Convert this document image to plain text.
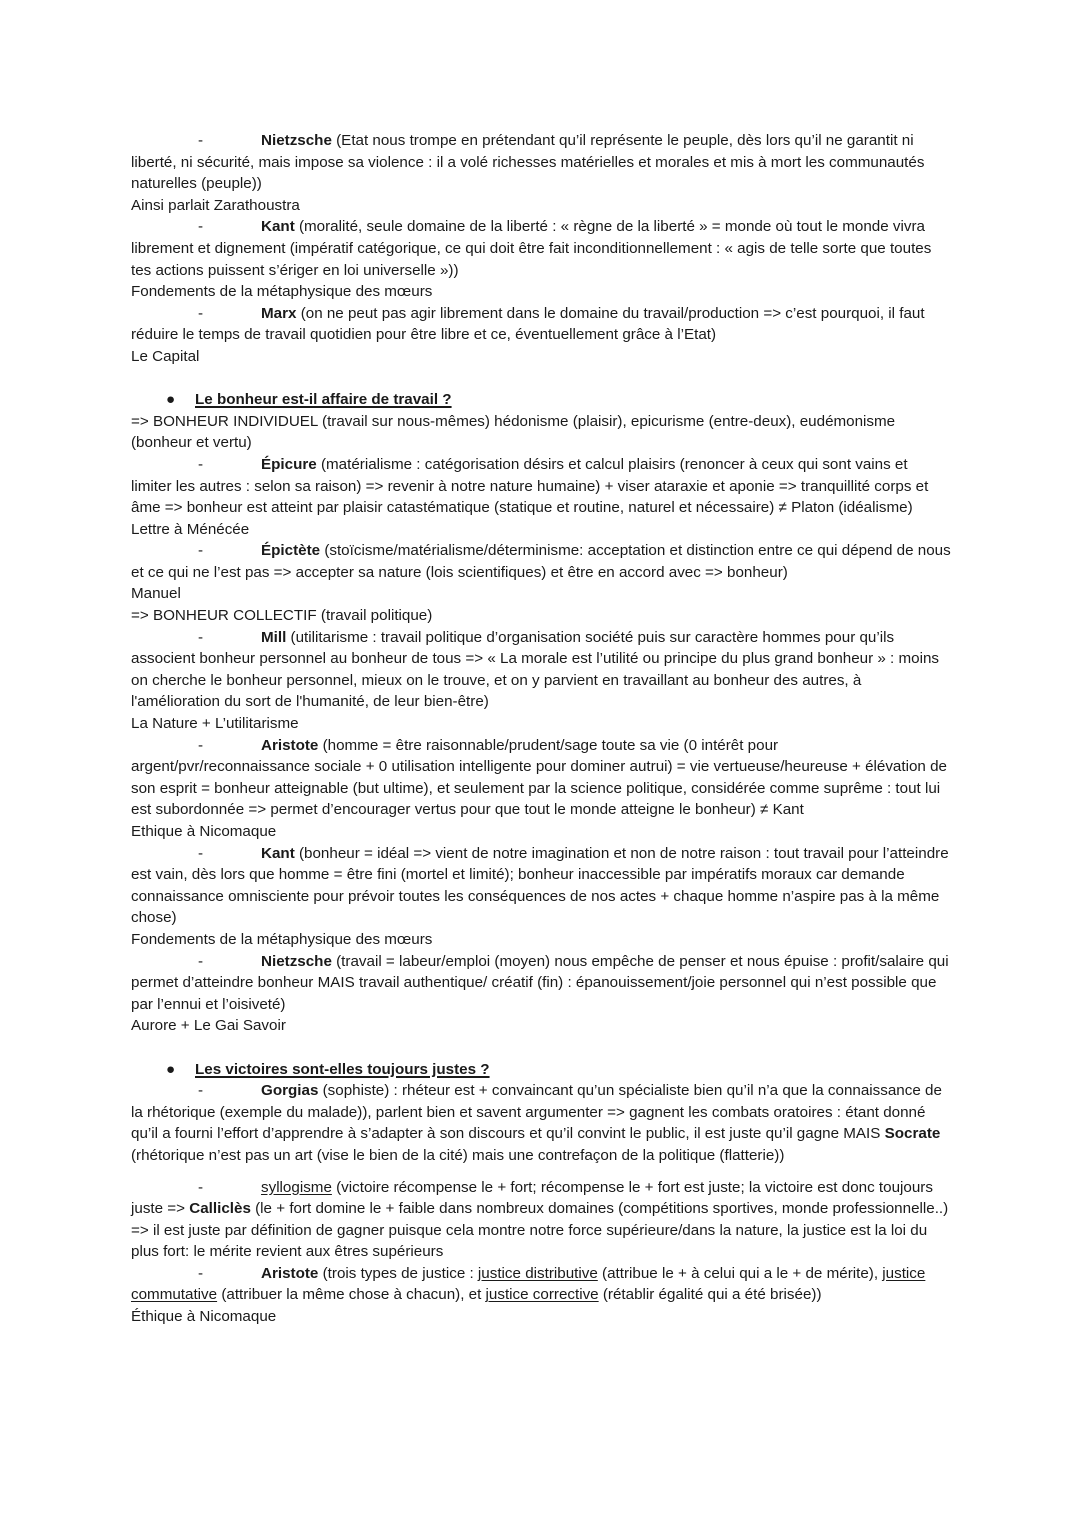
-	Nietzsche (Etat nous trompe en prétendant qu’il représente le peuple, dès lors qu’il ne garantit ni liberté, ni sécurité, mais impose sa violence : il a volé richesses matérielles et morales et mis à mort les communautés naturelles (peuple))

Ainsi parlait Zarathoustra

-	Kant (moralité, seule domaine de la liberté : « règne de la liberté » = monde où tout le monde vivra librement et dignement (impératif catégorique, ce qui doit être fait inconditionnellement : « agis de telle sorte que toutes tes actions puissent s’ériger en loi universelle »))

Fondements de la métaphysique des mœurs

-	Marx (on ne peut pas agir librement dans le domaine du travail/production => c’est pourquoi, il faut réduire le temps de travail quotidien pour être libre et ce, éventuellement grâce à l’Etat)

Le Capital

●	Le bonheur est-il affaire de travail ?

=> BONHEUR INDIVIDUEL (travail sur nous-mêmes) hédonisme (plaisir), epicurisme (entre-deux), eudémonisme (bonheur et vertu)

-	Épicure (matérialisme : catégorisation désirs et calcul plaisirs (renoncer à ceux qui sont vains et limiter les autres : selon sa raison) => revenir à notre nature humaine) + viser ataraxie et aponie => tranquillité corps et âme => bonheur est atteint par plaisir catastématique (statique et routine, naturel et nécessaire) ≠ Platon (idéalisme)

Lettre à Ménécée

-	Épictète (stoïcisme/matérialisme/déterminisme: acceptation et distinction entre ce qui dépend de nous et ce qui ne l’est pas => accepter sa nature (lois scientifiques) et être en accord avec => bonheur)

Manuel

=> BONHEUR COLLECTIF (travail politique)

-	Mill (utilitarisme : travail politique d’organisation société puis sur caractère hommes pour qu’ils associent bonheur personnel au bonheur de tous => « La morale est l’utilité ou principe du plus grand bonheur » : moins on cherche le bonheur personnel, mieux on le trouve, et on y parvient en travaillant au bonheur des autres, à l'amélioration du sort de l'humanité, de leur bien-être)

La Nature + L’utilitarisme

-	Aristote (homme = être raisonnable/prudent/sage toute sa vie (0 intérêt pour argent/pvr/reconnaissance sociale + 0 utilisation intelligente pour dominer autrui) = vie vertueuse/heureuse + élévation de son esprit = bonheur atteignable (but ultime), et seulement par la science politique, considérée comme suprême : tout lui est subordonnée => permet d’encourager vertus pour que tout le monde atteigne le bonheur) ≠ Kant

Ethique à Nicomaque

-	Kant (bonheur = idéal => vient de notre imagination et non de notre raison : tout travail pour l’atteindre est vain, dès lors que homme = être fini (mortel et limité); bonheur inaccessible par impératifs moraux car demande connaissance omnisciente pour prévoir toutes les conséquences de nos actes + chaque homme n’aspire pas à la même chose)

Fondements de la métaphysique des mœurs

-	Nietzsche (travail = labeur/emploi (moyen) nous empêche de penser et nous épuise : profit/salaire qui permet d’atteindre bonheur MAIS travail authentique/ créatif (fin) : épanouissement/joie personnel qui n’est possible que par l’ennui et l’oisiveté)

Aurore + Le Gai Savoir

●	Les victoires sont-elles toujours justes ?

-	Gorgias (sophiste) : rhéteur est + convaincant qu’un spécialiste bien qu’il n’a que la connaissance de la rhétorique (exemple du malade)), parlent bien et savent argumenter => gagnent les combats oratoires : étant donné qu’il a fourni l’effort d’apprendre à s’adapter à son discours et qu’il convint le public, il est juste qu’il gagne MAIS Socrate (rhétorique n’est pas un art (vise le bien de la cité) mais une contrefaçon de la politique (flatterie))

-	syllogisme (victoire récompense le + fort; récompense le + fort est juste; la victoire est donc toujours juste => Calliclès (le + fort domine le + faible dans nombreux domaines (compétitions sportives, monde professionnelle..) => il est juste par définition de gagner puisque cela montre notre force supérieure/dans la nature, la justice est la loi du plus fort: le mérite revient aux êtres supérieurs

-	Aristote (trois types de justice : justice distributive (attribue le + à celui qui a le + de mérite), justice commutative (attribuer la même chose à chacun), et justice corrective (rétablir égalité qui a été brisée))

Éthique à Nicomaque
